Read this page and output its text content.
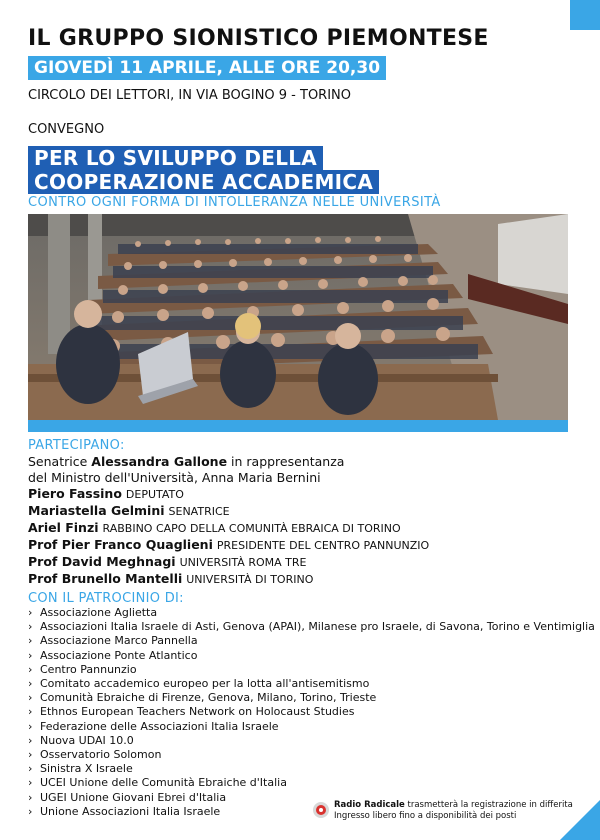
IL GRUPPO SIONISTICO PIEMONTESE
GIOVEDÌ 11 APRILE, ALLE ORE 20,30
CIRCOLO DEI LETTORI, IN VIA BOGINO 9 - TORINO
CONVEGNO
PER LO SVILUPPO DELLA
COOPERAZIONE ACCADEMICA
CONTRO OGNI FORMA DI INTOLLERANZA NELLE UNIVERSITÀ
PARTECIPANO:
Senatrice Alessandra Gallone in rappresentanza
del Ministro dell'Università, Anna Maria Bernini
Piero Fassino DEPUTATO
Mariastella Gelmini SENATRICE
Ariel Finzi RABBINO CAPO DELLA COMUNITÀ EBRAICA DI TORINO
Prof Pier Franco Quaglieni PRESIDENTE DEL CENTRO PANNUNZIO
Prof David Meghnagi UNIVERSITÀ ROMA TRE
Prof Brunello Mantelli UNIVERSITÀ DI TORINO
CON IL PATROCINIO DI:
› Associazione Aglietta
› Associazioni Italia Israele di Asti, Genova (APAI), Milanese pro Israele, di Savona, Torino e Ventimiglia
› Associazione Marco Pannella
› Associazione Ponte Atlantico
› Centro Pannunzio
› Comitato accademico europeo per la lotta all'antisemitismo
› Comunità Ebraiche di Firenze, Genova, Milano, Torino, Trieste
› Ethnos European Teachers Network on Holocaust Studies
› Federazione delle Associazioni Italia Israele
› Nuova UDAI 10.0
› Osservatorio Solomon
› Sinistra X Israele
› UCEI Unione delle Comunità Ebraiche d'Italia
› UGEI Unione Giovani Ebrei d'Italia
› Unione Associazioni Italia Israele	Radio Radicale trasmetterà la registrazione in differita
Ingresso libero fino a disponibilità dei posti
